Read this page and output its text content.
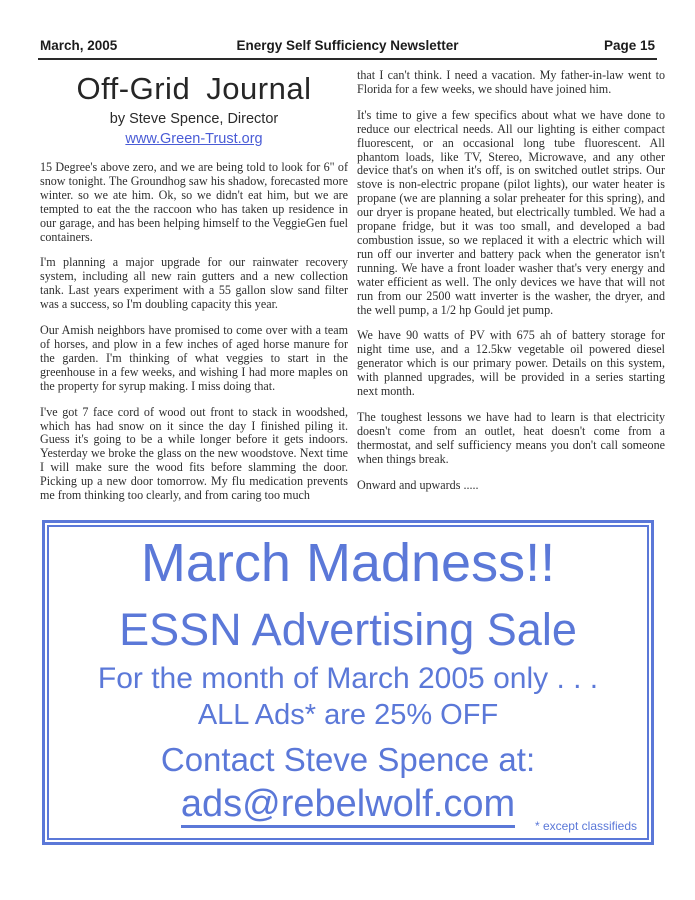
March, 2005	Energy Self Sufficiency Newsletter	Page 15
Off-Grid Journal
by Steve Spence, Director
www.Green-Trust.org

15 Degree's above zero, and we are being told to look for 6" of snow tonight. The Groundhog saw his shadow, forecasted more winter. so we ate him. Ok, so we didn't eat him, but we are tempted to eat the the raccoon who has taken up residence in our garage, and has been helping himself to the VeggieGen fuel containers.

I'm planning a major upgrade for our rainwater recovery system, including all new rain gutters and a new collection tank. Last years experiment with a 55 gallon slow sand filter was a success, so I'm doubling capacity this year.

Our Amish neighbors have promised to come over with a team of horses, and plow in a few inches of aged horse manure for the garden. I'm thinking of what veggies to start in the greenhouse in a few weeks, and wishing I had more maples on the property for syrup making. I miss doing that.

I've got 7 face cord of wood out front to stack in woodshed, which has had snow on it since the day I finished piling it. Guess it's going to be a while longer before it gets indoors. Yesterday we broke the glass on the new woodstove. Next time I will make sure the wood fits before slamming the door. Picking up a new door tomorrow. My flu medication prevents me from thinking too clearly, and from caring too much

that I can't think. I need a vacation. My father-in-law went to Florida for a few weeks, we should have joined him.

It's time to give a few specifics about what we have done to reduce our electrical needs. All our lighting is either compact fluorescent, or an occasional long tube fluorescent. All phantom loads, like TV, Stereo, Microwave, and any other device that's on when it's off, is on switched outlet strips. Our stove is non-electric propane (pilot lights), our water heater is propane (we are planning a solar preheater for this spring), and our dryer is propane heated, but electrically tumbled. We had a propane fridge, but it was too small, and developed a bad combustion issue, so we replaced it with a electric which will run off our inverter and battery pack when the generator isn't running. We have a front loader washer that's very energy and water efficient as well. The only devices we have that will not run from our 2500 watt inverter is the washer, the dryer, and the well pump, a 1/2 hp Gould jet pump.

We have 90 watts of PV with 675 ah of battery storage for night time use, and a 12.5kw vegetable oil powered diesel generator which is our primary power. Details on this system, with planned upgrades, will be provided in a series starting next month.

The toughest lessons we have had to learn is that electricity doesn't come from an outlet, heat doesn't come from a thermostat, and self sufficiency means you don't call someone when things break.

Onward and upwards .....

March Madness!!
ESSN Advertising Sale
For the month of March 2005 only . . .
ALL Ads* are 25% OFF
Contact Steve Spence at:
ads@rebelwolf.com
* except classifieds
